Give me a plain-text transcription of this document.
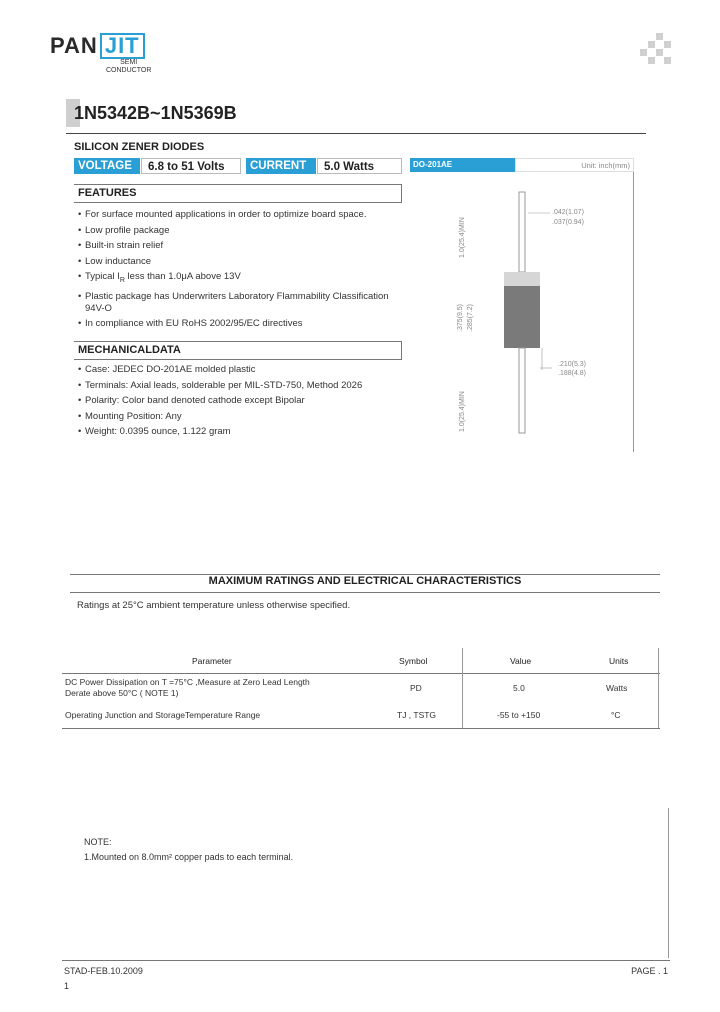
PAN JIT
SEMI
CONDUCTOR
1N5342B~1N5369B
SILICON ZENER DIODES
VOLTAGE	6.8 to 51 Volts	CURRENT	5.0 Watts	DO-201AE	Unit: inch(mm)
.042(1.07)
.037(0.94)
1.0(25.4)MIN
.375(9.5) .285(7.2)
.210(5.3)
.188(4.8)
1.0(25.4)MIN
FEATURES
• For surface mounted applications in order to optimize board space.
• Low profile package
• Built-in strain relief
• Low inductance
• Typical $I_R$ less than 1.0μA above 13V
• Plastic package has Underwriters Laboratory Flammability Classification 94V-O
• In compliance with EU RoHS 2002/95/EC directives
MECHANICALDATA
• Case: JEDEC DO-201AE molded plastic
• Terminals: Axial leads, solderable per MIL-STD-750, Method 2026
• Polarity: Color band denoted cathode except Bipolar
• Mounting Position: Any
• Weight: 0.0395 ounce, 1.122 gram
MAXIMUM RATINGS AND ELECTRICAL CHARACTERISTICS
Ratings at 25°C ambient temperature unless otherwise specified.
Parameter	Symbol	Value	Units
DC Power Dissipation on T =75°C ,Measure at Zero Lead Length
Derate above 50°C ( NOTE 1)	PD	5.0	Watts
Operating Junction and StorageTemperature Range	TJ , TSTG	-55 to +150	°C
NOTE:
1.Mounted on 8.0mm² copper pads to each terminal.
STAD-FEB.10.2009	PAGE . 1
1
